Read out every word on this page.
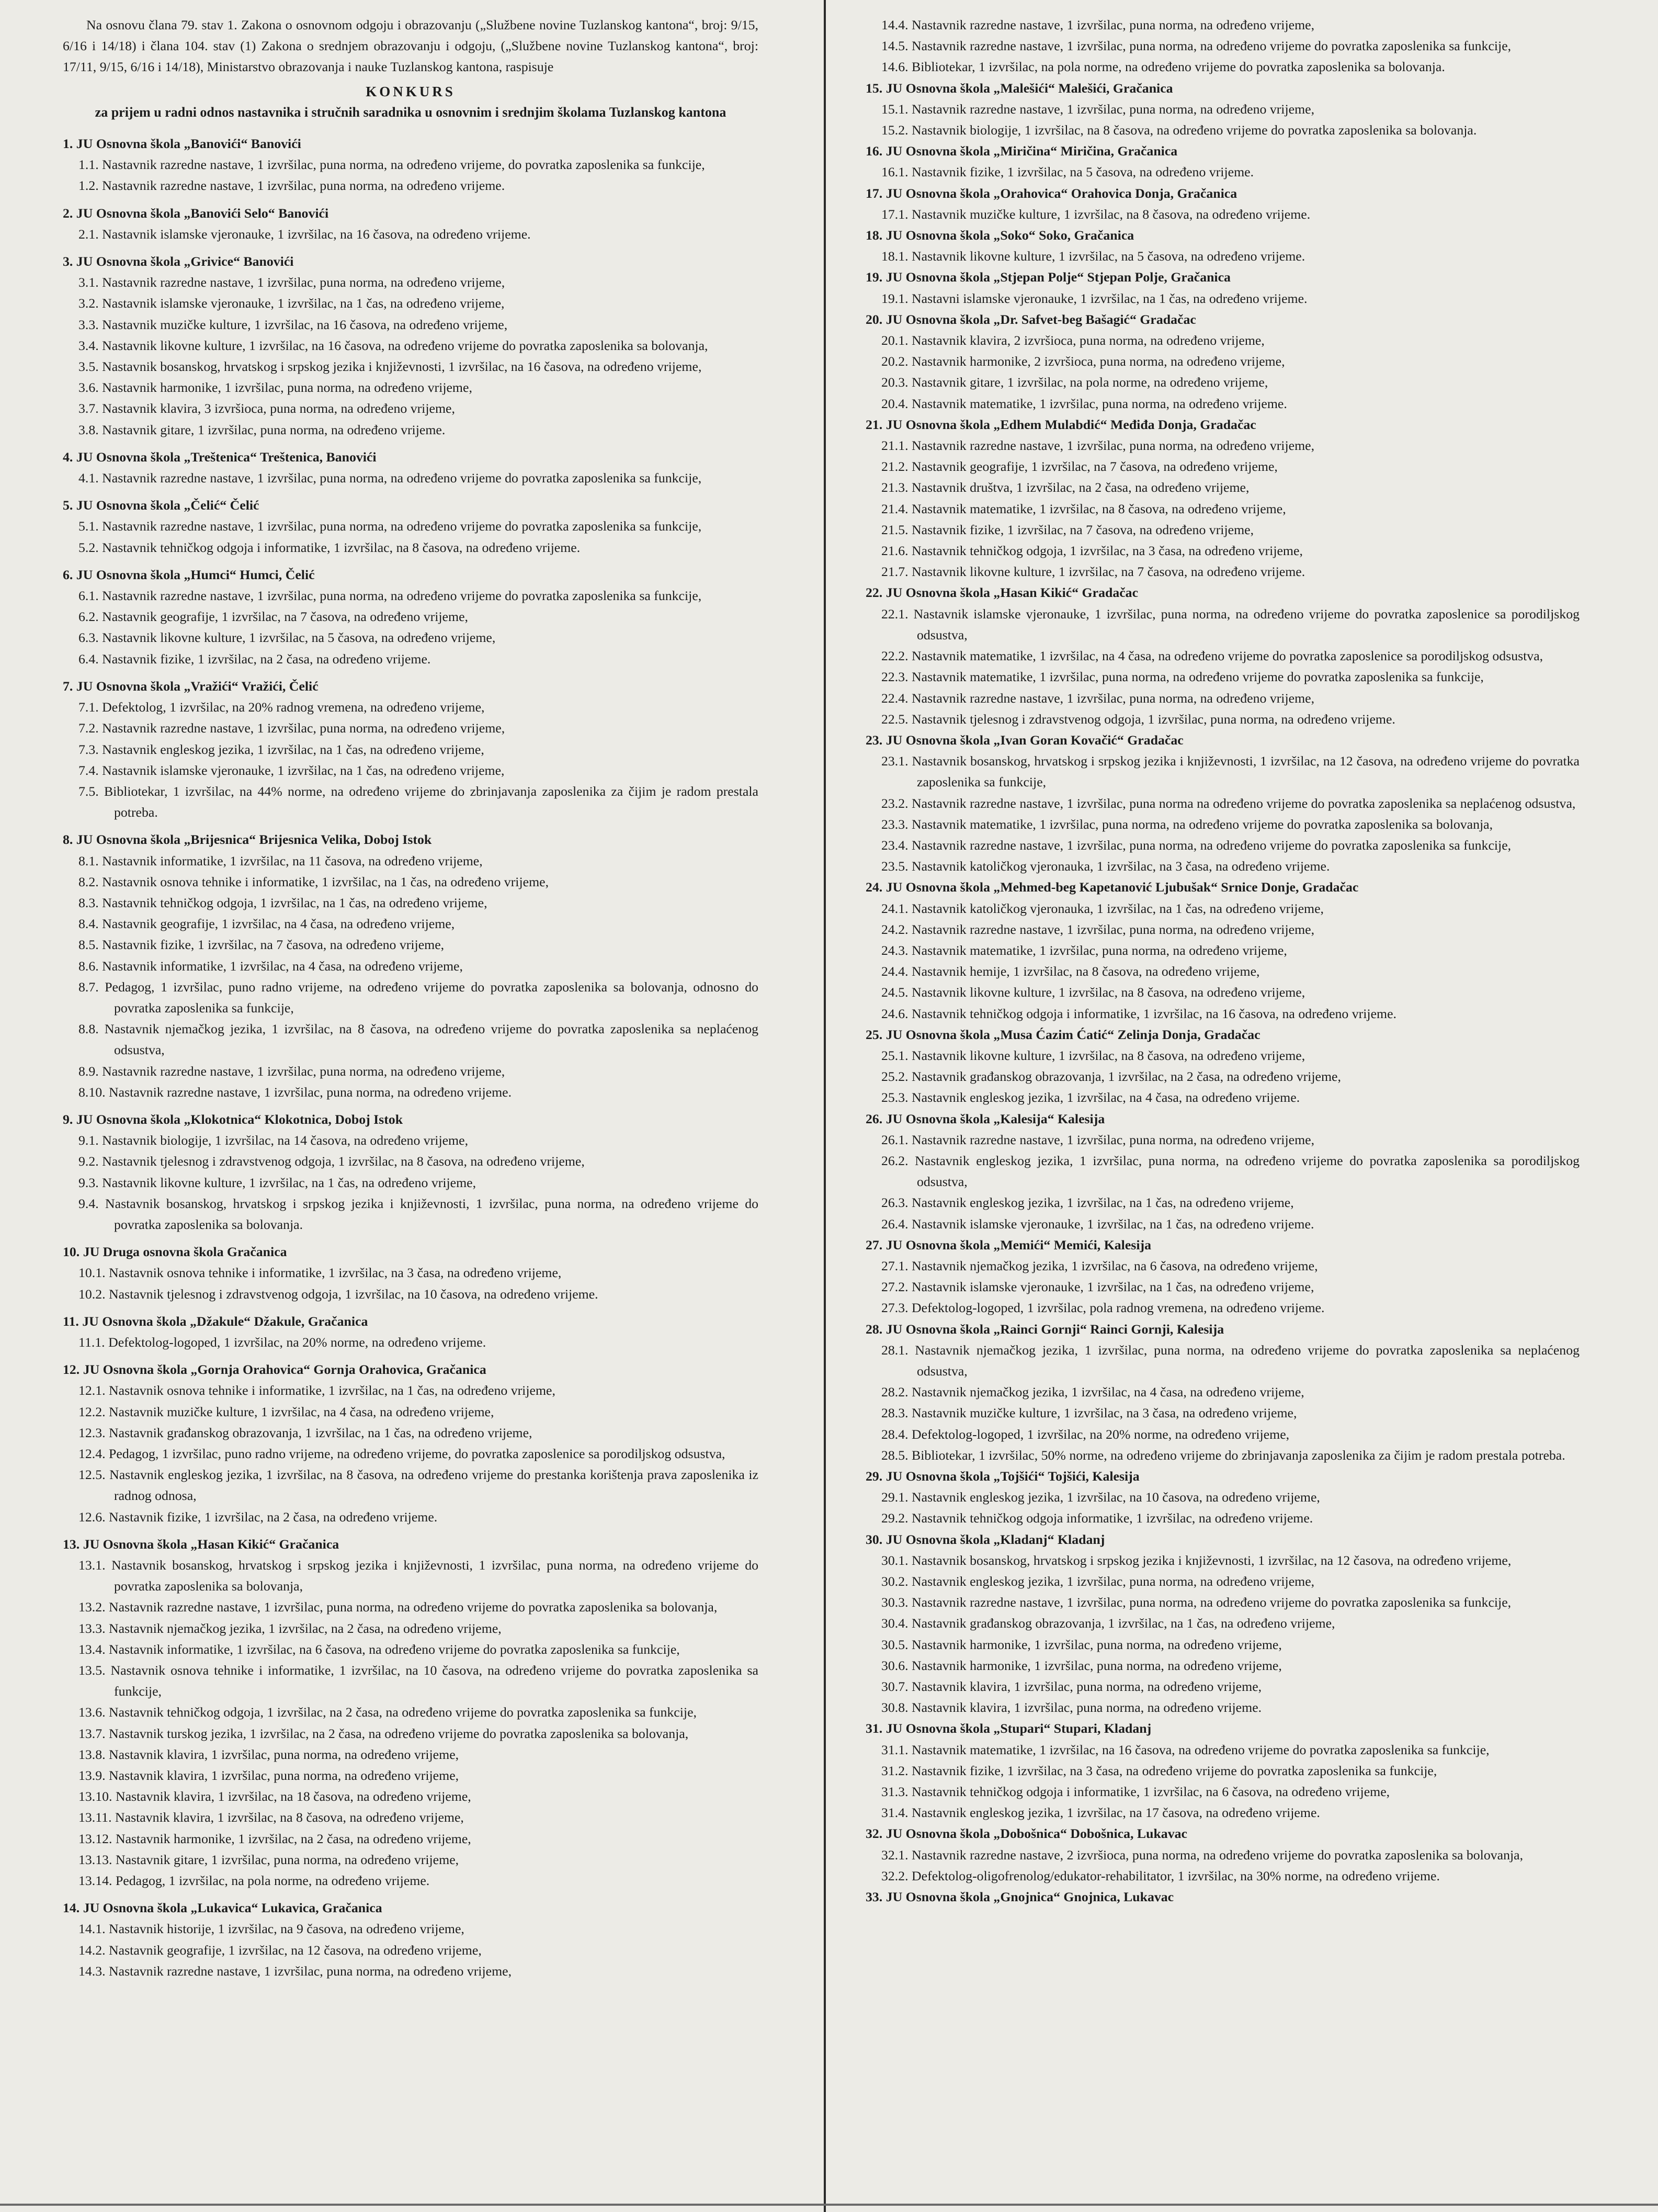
Na osnovu člana 79. stav 1. Zakona o osnovnom odgoju i obrazovanju („Službene novine Tuzlanskog kantona“, broj: 9/15, 6/16 i 14/18) i člana 104. stav (1) Zakona o srednjem obrazovanju i odgoju, („Službene novine Tuzlanskog kantona“, broj: 17/11, 9/15, 6/16 i 14/18), Ministarstvo obrazovanja i nauke Tuzlanskog kantona, raspisuje

KONKURS

za prijem u radni odnos nastavnika i stručnih saradnika u osnovnim i srednjim školama Tuzlanskog kantona

1. JU Osnovna škola „Banovići“ Banovići

1.1. Nastavnik razredne nastave, 1 izvršilac, puna norma, na određeno vrijeme, do povratka zaposlenika sa funkcije,

1.2. Nastavnik razredne nastave, 1 izvršilac, puna norma, na određeno vrijeme.

2. JU Osnovna škola „Banovići Selo“ Banovići

2.1. Nastavnik islamske vjeronauke, 1 izvršilac, na 16 časova, na određeno vrijeme.

3. JU Osnovna škola „Grivice“ Banovići

3.1. Nastavnik razredne nastave, 1 izvršilac, puna norma, na određeno vrijeme,

3.2. Nastavnik islamske vjeronauke, 1 izvršilac, na 1 čas, na određeno vrijeme,

3.3. Nastavnik muzičke kulture, 1 izvršilac, na 16 časova, na određeno vrijeme,

3.4. Nastavnik likovne kulture, 1 izvršilac, na 16 časova, na određeno vrijeme do povratka zaposlenika sa bolovanja,

3.5. Nastavnik bosanskog, hrvatskog i srpskog jezika i književnosti, 1 izvršilac, na 16 časova, na određeno vrijeme,

3.6. Nastavnik harmonike, 1 izvršilac, puna norma, na određeno vrijeme,

3.7. Nastavnik klavira, 3 izvršioca, puna norma, na određeno vrijeme,

3.8. Nastavnik gitare, 1 izvršilac, puna norma, na određeno vrijeme.

4. JU Osnovna škola „Treštenica“ Treštenica, Banovići

4.1. Nastavnik razredne nastave, 1 izvršilac, puna norma, na određeno vrijeme do povratka zaposlenika sa funkcije,

5. JU Osnovna škola „Čelić“ Čelić

5.1. Nastavnik razredne nastave, 1 izvršilac, puna norma, na određeno vrijeme do povratka zaposlenika sa funkcije,

5.2. Nastavnik tehničkog odgoja i informatike, 1 izvršilac, na 8 časova, na određeno vrijeme.

6. JU Osnovna škola „Humci“ Humci, Čelić

6.1. Nastavnik razredne nastave, 1 izvršilac, puna norma, na određeno vrijeme do povratka zaposlenika sa funkcije,

6.2. Nastavnik geografije, 1 izvršilac, na 7 časova, na određeno vrijeme,

6.3. Nastavnik likovne kulture, 1 izvršilac, na 5 časova, na određeno vrijeme,

6.4. Nastavnik fizike, 1 izvršilac, na 2 časa, na određeno vrijeme.

7. JU Osnovna škola „Vražići“ Vražići, Čelić

7.1. Defektolog, 1 izvršilac, na 20% radnog vremena, na određeno vrijeme,

7.2. Nastavnik razredne nastave, 1 izvršilac, puna norma, na određeno vrijeme,

7.3. Nastavnik engleskog jezika, 1 izvršilac, na 1 čas, na određeno vrijeme,

7.4. Nastavnik islamske vjeronauke, 1 izvršilac, na 1 čas, na određeno vrijeme,

7.5. Bibliotekar, 1 izvršilac, na 44% norme, na određeno vrijeme do zbrinjavanja zaposlenika za čijim je radom prestala potreba.

8. JU Osnovna škola „Brijesnica“ Brijesnica Velika, Doboj Istok

8.1. Nastavnik informatike, 1 izvršilac, na 11 časova, na određeno vrijeme,

8.2. Nastavnik osnova tehnike i informatike, 1 izvršilac, na 1 čas, na određeno vrijeme,

8.3. Nastavnik tehničkog odgoja, 1 izvršilac, na 1 čas, na određeno vrijeme,

8.4. Nastavnik geografije, 1 izvršilac, na 4 časa, na određeno vrijeme,

8.5. Nastavnik fizike, 1 izvršilac, na 7 časova, na određeno vrijeme,

8.6. Nastavnik informatike, 1 izvršilac, na 4 časa, na određeno vrijeme,

8.7. Pedagog, 1 izvršilac, puno radno vrijeme, na određeno vrijeme do povratka zaposlenika sa bolovanja, odnosno do povratka zaposlenika sa funkcije,

8.8. Nastavnik njemačkog jezika, 1 izvršilac, na 8 časova, na određeno vrijeme do povratka zaposlenika sa neplaćenog odsustva,

8.9. Nastavnik razredne nastave, 1 izvršilac, puna norma, na određeno vrijeme,

8.10. Nastavnik razredne nastave, 1 izvršilac, puna norma, na određeno vrijeme.

9. JU Osnovna škola „Klokotnica“ Klokotnica, Doboj Istok

9.1. Nastavnik biologije, 1 izvršilac, na 14 časova, na određeno vrijeme,

9.2. Nastavnik tjelesnog i zdravstvenog odgoja, 1 izvršilac, na 8 časova, na određeno vrijeme,

9.3. Nastavnik likovne kulture, 1 izvršilac, na 1 čas, na određeno vrijeme,

9.4. Nastavnik bosanskog, hrvatskog i srpskog jezika i književnosti, 1 izvršilac, puna norma, na određeno vrijeme do povratka zaposlenika sa bolovanja.

10. JU Druga osnovna škola Gračanica

10.1. Nastavnik osnova tehnike i informatike, 1 izvršilac, na 3 časa, na određeno vrijeme,

10.2. Nastavnik tjelesnog i zdravstvenog odgoja, 1 izvršilac, na 10 časova, na određeno vrijeme.

11. JU Osnovna škola „Džakule“ Džakule, Gračanica

11.1. Defektolog-logoped, 1 izvršilac, na 20% norme, na određeno vrijeme.

12. JU Osnovna škola „Gornja Orahovica“ Gornja Orahovica, Gračanica

12.1. Nastavnik osnova tehnike i informatike, 1 izvršilac, na 1 čas, na određeno vrijeme,

12.2. Nastavnik muzičke kulture, 1 izvršilac, na 4 časa, na određeno vrijeme,

12.3. Nastavnik građanskog obrazovanja, 1 izvršilac, na 1 čas, na određeno vrijeme,

12.4. Pedagog, 1 izvršilac, puno radno vrijeme, na određeno vrijeme, do povratka zaposlenice sa porodiljskog odsustva,

12.5. Nastavnik engleskog jezika, 1 izvršilac, na 8 časova, na određeno vrijeme do prestanka korištenja prava zaposlenika iz radnog odnosa,

12.6. Nastavnik fizike, 1 izvršilac, na 2 časa, na određeno vrijeme.

13. JU Osnovna škola „Hasan Kikić“ Gračanica

13.1. Nastavnik bosanskog, hrvatskog i srpskog jezika i književnosti, 1 izvršilac, puna norma, na određeno vrijeme do povratka zaposlenika sa bolovanja,

13.2. Nastavnik razredne nastave, 1 izvršilac, puna norma, na određeno vrijeme do povratka zaposlenika sa bolovanja,

13.3. Nastavnik njemačkog jezika, 1 izvršilac, na 2 časa, na određeno vrijeme,

13.4. Nastavnik informatike, 1 izvršilac, na 6 časova, na određeno vrijeme do povratka zaposlenika sa funkcije,

13.5. Nastavnik osnova tehnike i informatike, 1 izvršilac, na 10 časova, na određeno vrijeme do povratka zaposlenika sa funkcije,

13.6. Nastavnik tehničkog odgoja, 1 izvršilac, na 2 časa, na određeno vrijeme do povratka zaposlenika sa funkcije,

13.7. Nastavnik turskog jezika, 1 izvršilac, na 2 časa, na određeno vrijeme do povratka zaposlenika sa bolovanja,

13.8. Nastavnik klavira, 1 izvršilac, puna norma, na određeno vrijeme,

13.9. Nastavnik klavira, 1 izvršilac, puna norma, na određeno vrijeme,

13.10. Nastavnik klavira, 1 izvršilac, na 18 časova, na određeno vrijeme,

13.11. Nastavnik klavira, 1 izvršilac, na 8 časova, na određeno vrijeme,

13.12. Nastavnik harmonike, 1 izvršilac, na 2 časa, na određeno vrijeme,

13.13. Nastavnik gitare, 1 izvršilac, puna norma, na određeno vrijeme,

13.14. Pedagog, 1 izvršilac, na pola norme, na određeno vrijeme.

14. JU Osnovna škola „Lukavica“ Lukavica, Gračanica

14.1. Nastavnik historije, 1 izvršilac, na 9 časova, na određeno vrijeme,

14.2. Nastavnik geografije, 1 izvršilac, na 12 časova, na određeno vrijeme,

14.3. Nastavnik razredne nastave, 1 izvršilac, puna norma, na određeno vrijeme,

14.4. Nastavnik razredne nastave, 1 izvršilac, puna norma, na određeno vrijeme,

14.5. Nastavnik razredne nastave, 1 izvršilac, puna norma, na određeno vrijeme do povratka zaposlenika sa funkcije,

14.6. Bibliotekar, 1 izvršilac, na pola norme, na određeno vrijeme do povratka zaposlenika sa bolovanja.

15. JU Osnovna škola „Malešići“ Malešići, Gračanica

15.1. Nastavnik razredne nastave, 1 izvršilac, puna norma, na određeno vrijeme,

15.2. Nastavnik biologije, 1 izvršilac, na 8 časova, na određeno vrijeme do povratka zaposlenika sa bolovanja.

16. JU Osnovna škola „Miričina“ Miričina, Gračanica

16.1. Nastavnik fizike, 1 izvršilac, na 5 časova, na određeno vrijeme.

17. JU Osnovna škola „Orahovica“ Orahovica Donja, Gračanica

17.1. Nastavnik muzičke kulture, 1 izvršilac, na 8 časova, na određeno vrijeme.

18. JU Osnovna škola „Soko“ Soko, Gračanica

18.1. Nastavnik likovne kulture, 1 izvršilac, na 5 časova, na određeno vrijeme.

19. JU Osnovna škola „Stjepan Polje“ Stjepan Polje, Gračanica

19.1. Nastavni islamske vjeronauke, 1 izvršilac, na 1 čas, na određeno vrijeme.

20. JU Osnovna škola „Dr. Safvet-beg Bašagić“ Gradačac

20.1. Nastavnik klavira, 2 izvršioca, puna norma, na određeno vrijeme,

20.2. Nastavnik harmonike, 2 izvršioca, puna norma, na određeno vrijeme,

20.3. Nastavnik gitare, 1 izvršilac, na pola norme, na određeno vrijeme,

20.4. Nastavnik matematike, 1 izvršilac, puna norma, na određeno vrijeme.

21. JU Osnovna škola „Edhem Mulabdić“ Međiđa Donja, Gradačac

21.1. Nastavnik razredne nastave, 1 izvršilac, puna norma, na određeno vrijeme,

21.2. Nastavnik geografije, 1 izvršilac, na 7 časova, na određeno vrijeme,

21.3. Nastavnik društva, 1 izvršilac, na 2 časa, na određeno vrijeme,

21.4. Nastavnik matematike, 1 izvršilac, na 8 časova, na određeno vrijeme,

21.5. Nastavnik fizike, 1 izvršilac, na 7 časova, na određeno vrijeme,

21.6. Nastavnik tehničkog odgoja, 1 izvršilac, na 3 časa, na određeno vrijeme,

21.7. Nastavnik likovne kulture, 1 izvršilac, na 7 časova, na određeno vrijeme.

22. JU Osnovna škola „Hasan Kikić“ Gradačac

22.1. Nastavnik islamske vjeronauke, 1 izvršilac, puna norma, na određeno vrijeme do povratka zaposlenice sa porodiljskog odsustva,

22.2. Nastavnik matematike, 1 izvršilac, na 4 časa, na određeno vrijeme do povratka zaposlenice sa porodiljskog odsustva,

22.3. Nastavnik matematike, 1 izvršilac, puna norma, na određeno vrijeme do povratka zaposlenika sa funkcije,

22.4. Nastavnik razredne nastave, 1 izvršilac, puna norma, na određeno vrijeme,

22.5. Nastavnik tjelesnog i zdravstvenog odgoja, 1 izvršilac, puna norma, na određeno vrijeme.

23. JU Osnovna škola „Ivan Goran Kovačić“ Gradačac

23.1. Nastavnik bosanskog, hrvatskog i srpskog jezika i književnosti, 1 izvršilac, na 12 časova, na određeno vrijeme do povratka zaposlenika sa funkcije,

23.2. Nastavnik razredne nastave, 1 izvršilac, puna norma na određeno vrijeme do povratka zaposlenika sa neplaćenog odsustva,

23.3. Nastavnik matematike, 1 izvršilac, puna norma, na određeno vrijeme do povratka zaposlenika sa bolovanja,

23.4. Nastavnik razredne nastave, 1 izvršilac, puna norma, na određeno vrijeme do povratka zaposlenika sa funkcije,

23.5. Nastavnik katoličkog vjeronauka, 1 izvršilac, na 3 časa, na određeno vrijeme.

24. JU Osnovna škola „Mehmed-beg Kapetanović Ljubušak“ Srnice Donje, Gradačac

24.1. Nastavnik katoličkog vjeronauka, 1 izvršilac, na 1 čas, na određeno vrijeme,

24.2. Nastavnik razredne nastave, 1 izvršilac, puna norma, na određeno vrijeme,

24.3. Nastavnik matematike, 1 izvršilac, puna norma, na određeno vrijeme,

24.4. Nastavnik hemije, 1 izvršilac, na 8 časova, na određeno vrijeme,

24.5. Nastavnik likovne kulture, 1 izvršilac, na 8 časova, na određeno vrijeme,

24.6. Nastavnik tehničkog odgoja i informatike, 1 izvršilac, na 16 časova, na određeno vrijeme.

25. JU Osnovna škola „Musa Ćazim Ćatić“ Zelinja Donja, Gradačac

25.1. Nastavnik likovne kulture, 1 izvršilac, na 8 časova, na određeno vrijeme,

25.2. Nastavnik građanskog obrazovanja, 1 izvršilac, na 2 časa, na određeno vrijeme,

25.3. Nastavnik engleskog jezika, 1 izvršilac, na 4 časa, na određeno vrijeme.

26. JU Osnovna škola „Kalesija“ Kalesija

26.1. Nastavnik razredne nastave, 1 izvršilac, puna norma, na određeno vrijeme,

26.2. Nastavnik engleskog jezika, 1 izvršilac, puna norma, na određeno vrijeme do povratka zaposlenika sa porodiljskog odsustva,

26.3. Nastavnik engleskog jezika, 1 izvršilac, na 1 čas, na određeno vrijeme,

26.4. Nastavnik islamske vjeronauke, 1 izvršilac, na 1 čas, na određeno vrijeme.

27. JU Osnovna škola „Memići“ Memići, Kalesija

27.1. Nastavnik njemačkog jezika, 1 izvršilac, na 6 časova, na određeno vrijeme,

27.2. Nastavnik islamske vjeronauke, 1 izvršilac, na 1 čas, na određeno vrijeme,

27.3. Defektolog-logoped, 1 izvršilac, pola radnog vremena, na određeno vrijeme.

28. JU Osnovna škola „Rainci Gornji“ Rainci Gornji, Kalesija

28.1. Nastavnik njemačkog jezika, 1 izvršilac, puna norma, na određeno vrijeme do povratka zaposlenika sa neplaćenog odsustva,

28.2. Nastavnik njemačkog jezika, 1 izvršilac, na 4 časa, na određeno vrijeme,

28.3. Nastavnik muzičke kulture, 1 izvršilac, na 3 časa, na određeno vrijeme,

28.4. Defektolog-logoped, 1 izvršilac, na 20% norme, na određeno vrijeme,

28.5. Bibliotekar, 1 izvršilac, 50% norme, na određeno vrijeme do zbrinjavanja zaposlenika za čijim je radom prestala potreba.

29. JU Osnovna škola „Tojšići“ Tojšići, Kalesija

29.1. Nastavnik engleskog jezika, 1 izvršilac, na 10 časova, na određeno vrijeme,

29.2. Nastavnik tehničkog odgoja informatike, 1 izvršilac, na određeno vrijeme.

30. JU Osnovna škola „Kladanj“ Kladanj

30.1. Nastavnik bosanskog, hrvatskog i srpskog jezika i književnosti, 1 izvršilac, na 12 časova, na određeno vrijeme,

30.2. Nastavnik engleskog jezika, 1 izvršilac, puna norma, na određeno vrijeme,

30.3. Nastavnik razredne nastave, 1 izvršilac, puna norma, na određeno vrijeme do povratka zaposlenika sa funkcije,

30.4. Nastavnik građanskog obrazovanja, 1 izvršilac, na 1 čas, na određeno vrijeme,

30.5. Nastavnik harmonike, 1 izvršilac, puna norma, na određeno vrijeme,

30.6. Nastavnik harmonike, 1 izvršilac, puna norma, na određeno vrijeme,

30.7. Nastavnik klavira, 1 izvršilac, puna norma, na određeno vrijeme,

30.8. Nastavnik klavira, 1 izvršilac, puna norma, na određeno vrijeme.

31. JU Osnovna škola „Stupari“ Stupari, Kladanj

31.1. Nastavnik matematike, 1 izvršilac, na 16 časova, na određeno vrijeme do povratka zaposlenika sa funkcije,

31.2. Nastavnik fizike, 1 izvršilac, na 3 časa, na određeno vrijeme do povratka zaposlenika sa funkcije,

31.3. Nastavnik tehničkog odgoja i informatike, 1 izvršilac, na 6 časova, na određeno vrijeme,

31.4. Nastavnik engleskog jezika, 1 izvršilac, na 17 časova, na određeno vrijeme.

32. JU Osnovna škola „Dobošnica“ Dobošnica, Lukavac

32.1. Nastavnik razredne nastave, 2 izvršioca, puna norma, na određeno vrijeme do povratka zaposlenika sa bolovanja,

32.2. Defektolog-oligofrenolog/edukator-rehabilitator, 1 izvršilac, na 30% norme, na određeno vrijeme.

33. JU Osnovna škola „Gnojnica“ Gnojnica, Lukavac
